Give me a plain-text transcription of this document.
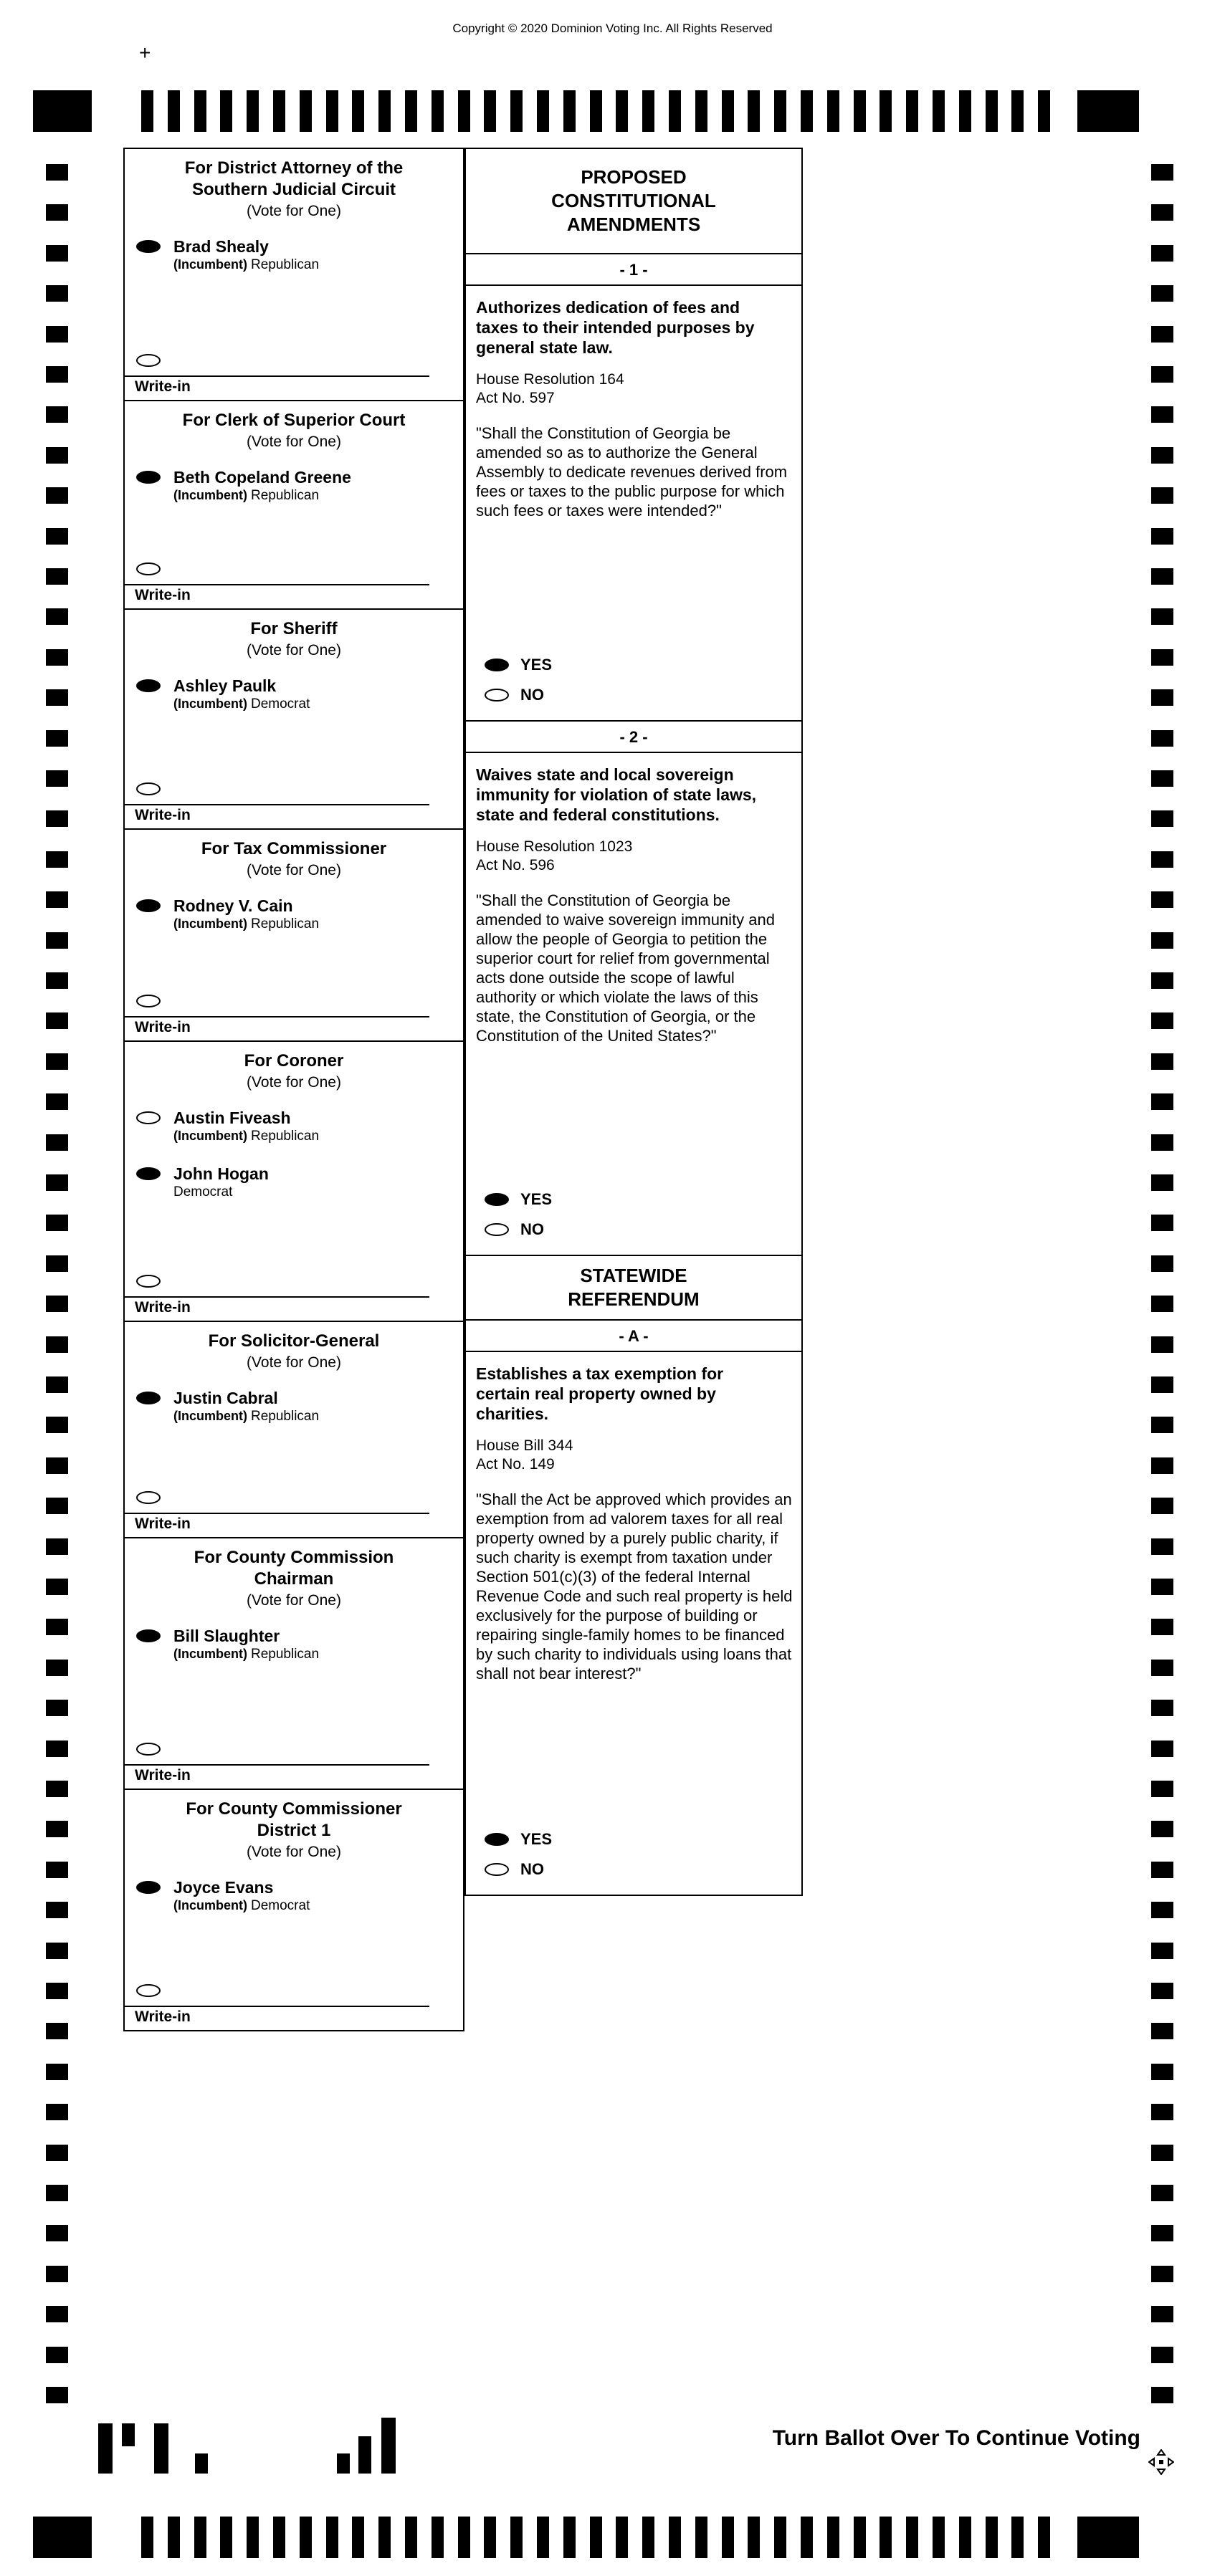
Copyright © 2020 Dominion Voting Inc. All Rights Reserved
+
For District Attorney of the
Southern Judicial Circuit
(Vote for One)
Brad Shealy
(Incumbent) Republican
Write-in
For Clerk of Superior Court
(Vote for One)
Beth Copeland Greene
(Incumbent) Republican
Write-in
For Sheriff
(Vote for One)
Ashley Paulk
(Incumbent) Democrat
Write-in
For Tax Commissioner
(Vote for One)
Rodney V. Cain
(Incumbent) Republican
Write-in
For Coroner
(Vote for One)
Austin Fiveash
(Incumbent) Republican
John Hogan
Democrat
Write-in
For Solicitor-General
(Vote for One)
Justin Cabral
(Incumbent) Republican
Write-in
For County Commission
Chairman
(Vote for One)
Bill Slaughter
(Incumbent) Republican
Write-in
For County Commissioner
District 1
(Vote for One)
Joyce Evans
(Incumbent) Democrat
Write-in
PROPOSED
CONSTITUTIONAL
AMENDMENTS
- 1 -
Authorizes dedication of fees and
taxes to their intended purposes by
general state law.
House Resolution 164
Act No. 597
"Shall the Constitution of Georgia be amended so as to authorize the General Assembly to dedicate revenues derived from fees or taxes to the public purpose for which such fees or taxes were intended?"
YES
NO
- 2 -
Waives state and local sovereign
immunity for violation of state laws,
state and federal constitutions.
House Resolution 1023
Act No. 596
"Shall the Constitution of Georgia be amended to waive sovereign immunity and allow the people of Georgia to petition the superior court for relief from governmental acts done outside the scope of lawful authority or which violate the laws of this state, the Constitution of Georgia, or the Constitution of the United States?"
YES
NO
STATEWIDE
REFERENDUM
- A -
Establishes a tax exemption for
certain real property owned by
charities.
House Bill 344
Act No. 149
"Shall the Act be approved which provides an exemption from ad valorem taxes for all real property owned by a purely public charity, if such charity is exempt from taxation under Section 501(c)(3) of the federal Internal Revenue Code and such real property is held exclusively for the purpose of building or repairing single-family homes to be financed by such charity to individuals using loans that shall not bear interest?"
YES
NO
Turn Ballot Over To Continue Voting
